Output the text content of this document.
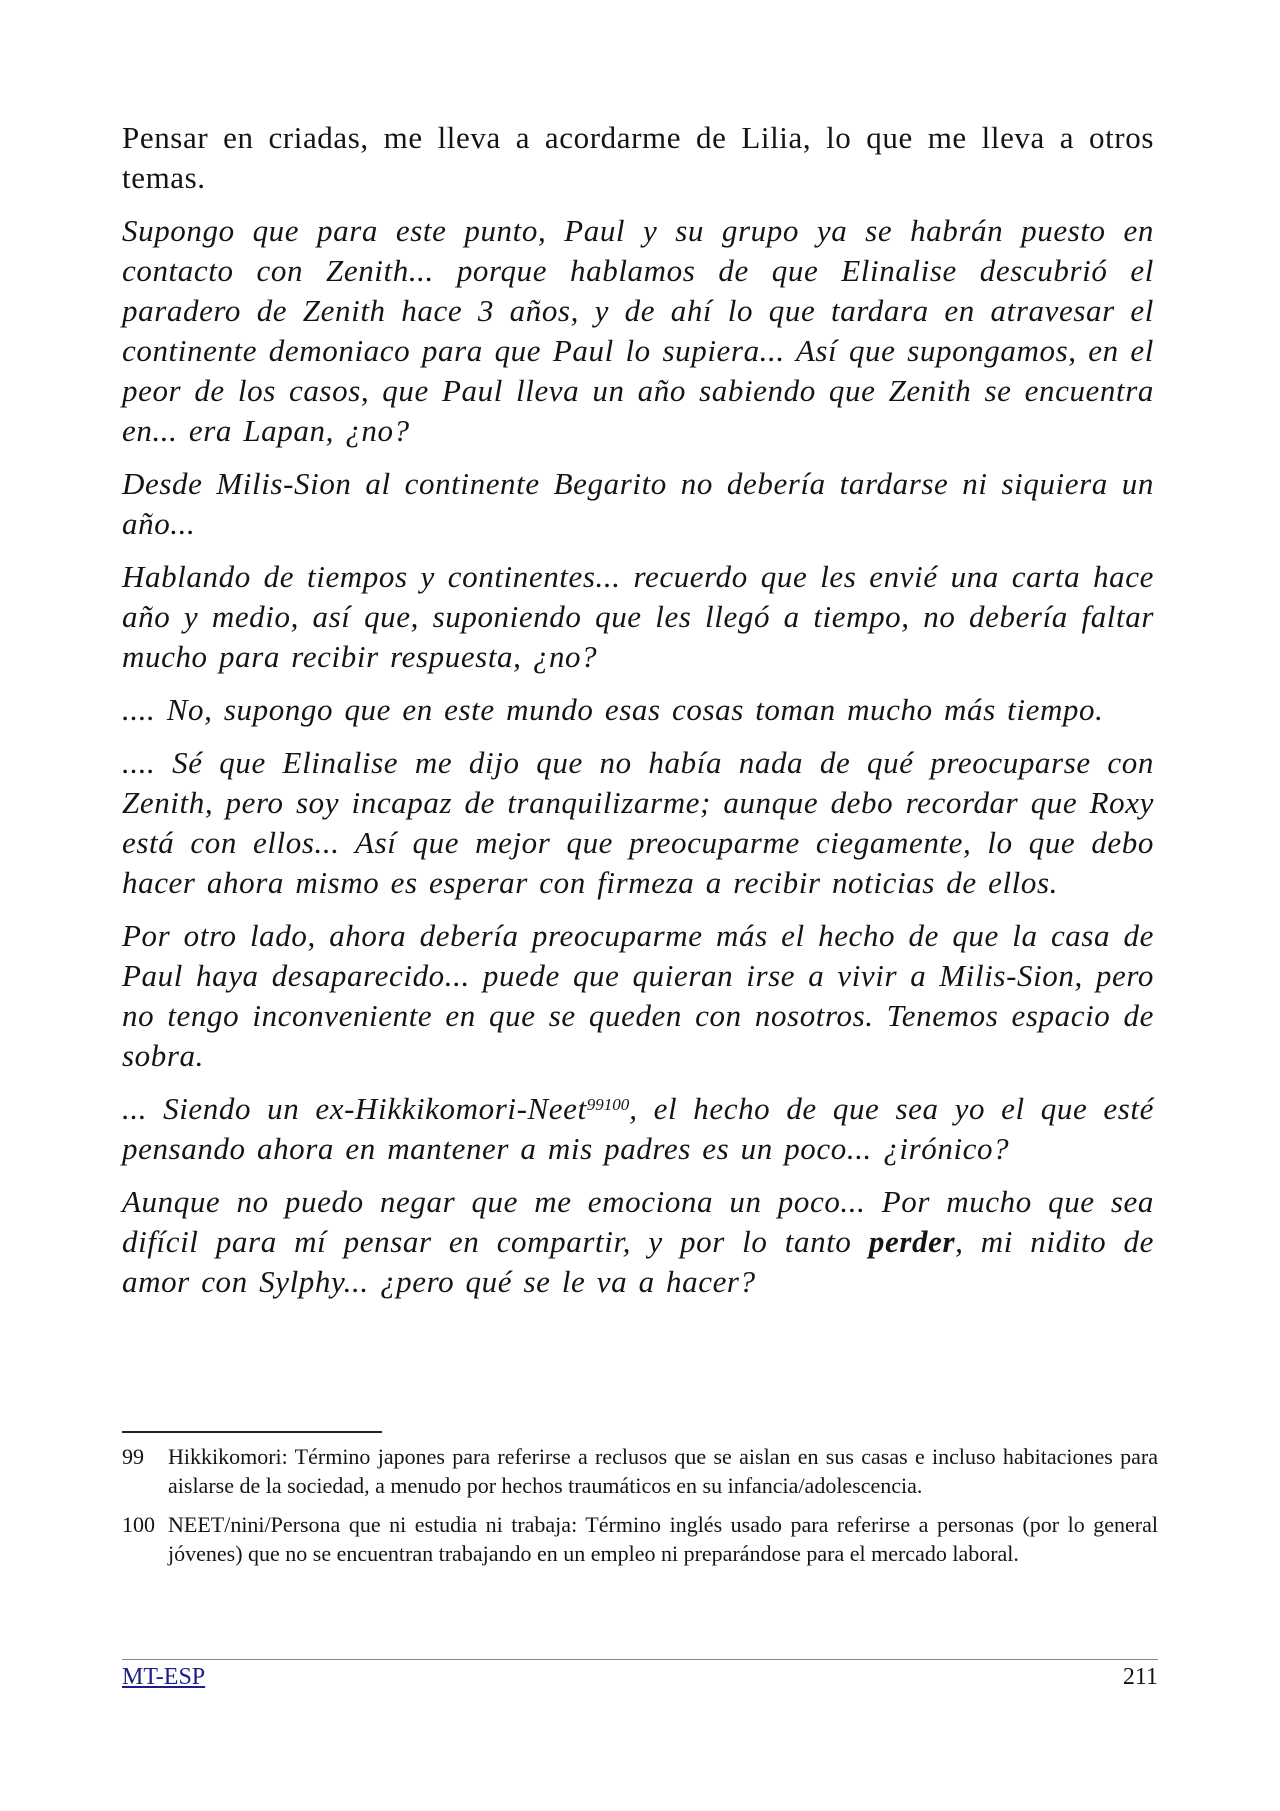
Pensar en criadas, me lleva a acordarme de Lilia, lo que me lleva a otros temas.

Supongo que para este punto, Paul y su grupo ya se habrán puesto en contacto con Zenith... porque hablamos de que Elinalise descubrió el paradero de Zenith hace 3 años, y de ahí lo que tardara en atravesar el continente demoniaco para que Paul lo supiera... Así que supongamos, en el peor de los casos, que Paul lleva un año sabiendo que Zenith se encuentra en... era Lapan, ¿no?

Desde Milis-Sion al continente Begarito no debería tardarse ni siquiera un año...

Hablando de tiempos y continentes... recuerdo que les envié una carta hace año y medio, así que, suponiendo que les llegó a tiempo, no debería faltar mucho para recibir respuesta, ¿no?

.... No, supongo que en este mundo esas cosas toman mucho más tiempo.

.... Sé que Elinalise me dijo que no había nada de qué preocuparse con Zenith, pero soy incapaz de tranquilizarme; aunque debo recordar que Roxy está con ellos... Así que mejor que preocuparme ciegamente, lo que debo hacer ahora mismo es esperar con firmeza a recibir noticias de ellos.

Por otro lado, ahora debería preocuparme más el hecho de que la casa de Paul haya desaparecido... puede que quieran irse a vivir a Milis-Sion, pero no tengo inconveniente en que se queden con nosotros. Tenemos espacio de sobra.

... Siendo un ex-Hikkikomori-Neet$^{99100}$, el hecho de que sea yo el que esté pensando ahora en mantener a mis padres es un poco... ¿irónico?

Aunque no puedo negar que me emociona un poco... Por mucho que sea difícil para mí pensar en compartir, y por lo tanto perder, mi nidito de amor con Sylphy... ¿pero qué se le va a hacer?

99	Hikkikomori: Término japones para referirse a reclusos que se aislan en sus casas e incluso habitaciones para aislarse de la sociedad, a menudo por hechos traumáticos en su infancia/adolescencia.
100 NEET/nini/Persona que ni estudia ni trabaja: Término inglés usado para referirse a personas (por lo general jóvenes) que no se encuentran trabajando en un empleo ni preparándose para el mercado laboral.
MT-ESP	211
